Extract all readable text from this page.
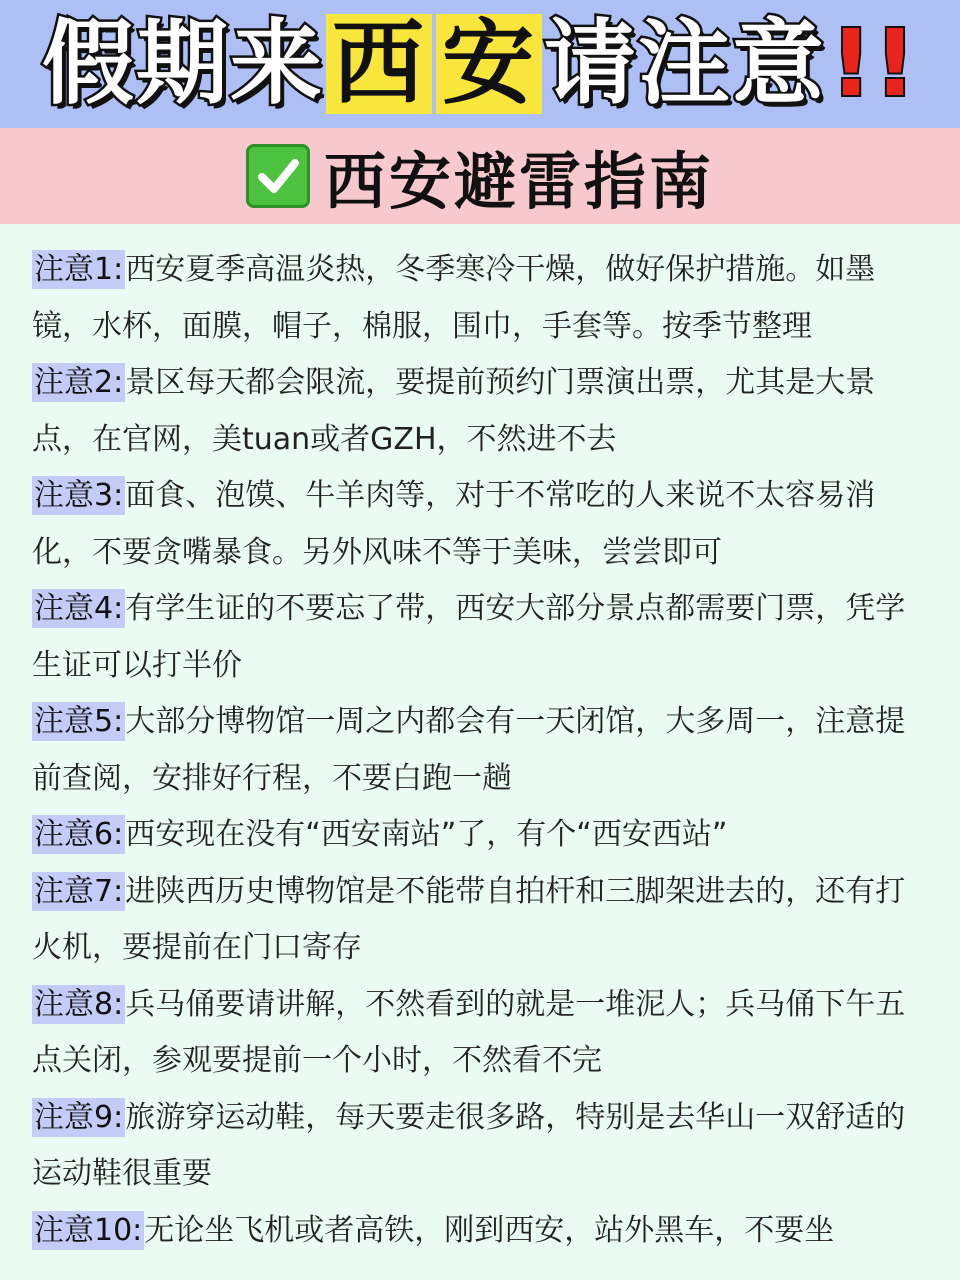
假期来 西 安 请注意 !!
西安避雷指南

注意1:西安夏季高温炎热，冬季寒冷干燥，做好保护措施。如墨镜，水杯，面膜，帽子，棉服，围巾，手套等。按季节整理

注意2:景区每天都会限流，要提前预约门票演出票，尤其是大景点，在官网，美tuan或者GZH，不然进不去

注意3:面食、泡馍、牛羊肉等，对于不常吃的人来说不太容易消化，不要贪嘴暴食。另外风味不等于美味，尝尝即可

注意4:有学生证的不要忘了带，西安大部分景点都需要门票，凭学生证可以打半价

注意5:大部分博物馆一周之内都会有一天闭馆，大多周一，注意提前查阅，安排好行程，不要白跑一趟

注意6:西安现在没有“西安南站”了，有个“西安西站”

注意7:进陕西历史博物馆是不能带自拍杆和三脚架进去的，还有打火机，要提前在门口寄存

注意8:兵马俑要请讲解，不然看到的就是一堆泥人；兵马俑下午五点关闭，参观要提前一个小时，不然看不完

注意9:旅游穿运动鞋，每天要走很多路，特别是去华山一双舒适的运动鞋很重要

注意10:无论坐飞机或者高铁，刚到西安，站外黑车，不要坐
